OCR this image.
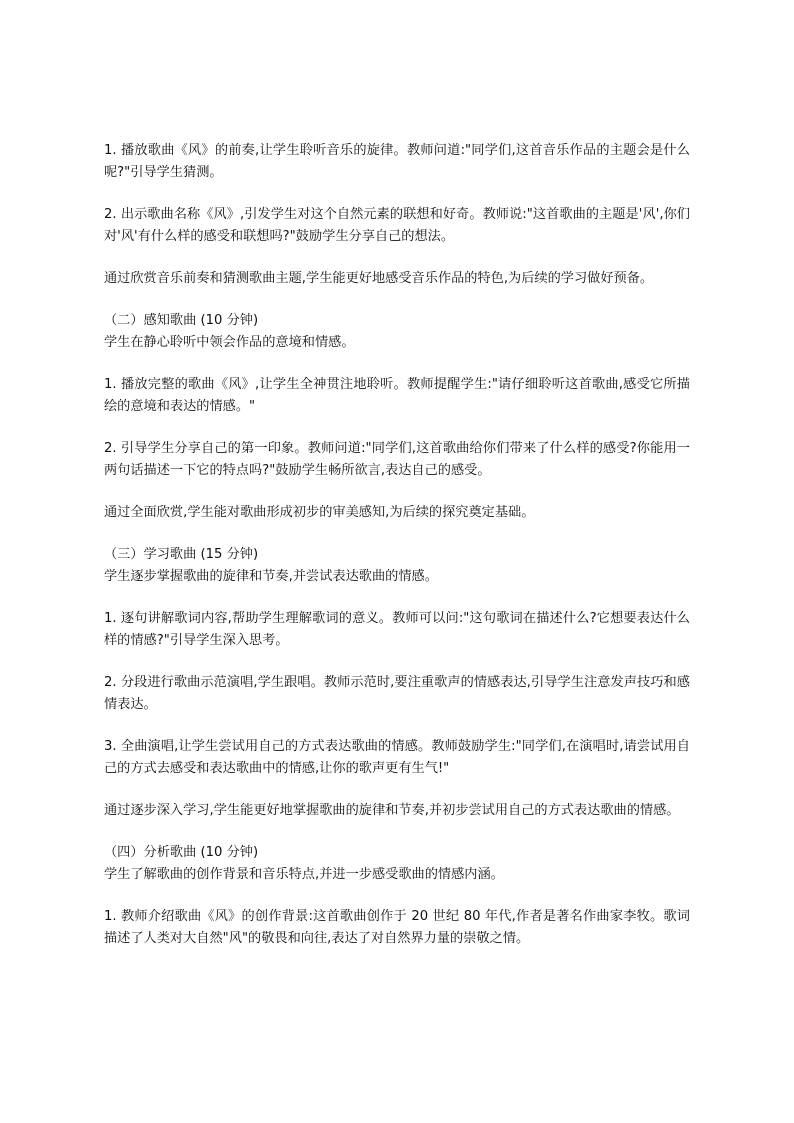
1. 播放歌曲《风》的前奏,让学生聆听音乐的旋律。教师问道:"同学们,这首音乐作品的主题会是什么呢?"引导学生猜测。

2. 出示歌曲名称《风》,引发学生对这个自然元素的联想和好奇。教师说:"这首歌曲的主题是'风',你们对'风'有什么样的感受和联想吗?"鼓励学生分享自己的想法。

通过欣赏音乐前奏和猜测歌曲主题,学生能更好地感受音乐作品的特色,为后续的学习做好预备。

（二）感知歌曲 (10 分钟)

学生在静心聆听中领会作品的意境和情感。

1. 播放完整的歌曲《风》,让学生全神贯注地聆听。教师提醒学生:"请仔细聆听这首歌曲,感受它所描绘的意境和表达的情感。"

2. 引导学生分享自己的第一印象。教师问道:"同学们,这首歌曲给你们带来了什么样的感受?你能用一两句话描述一下它的特点吗?"鼓励学生畅所欲言,表达自己的感受。

通过全面欣赏,学生能对歌曲形成初步的审美感知,为后续的探究奠定基础。

（三）学习歌曲 (15 分钟)

学生逐步掌握歌曲的旋律和节奏,并尝试表达歌曲的情感。

1. 逐句讲解歌词内容,帮助学生理解歌词的意义。教师可以问:"这句歌词在描述什么?它想要表达什么样的情感?"引导学生深入思考。

2. 分段进行歌曲示范演唱,学生跟唱。教师示范时,要注重歌声的情感表达,引导学生注意发声技巧和感情表达。

3. 全曲演唱,让学生尝试用自己的方式表达歌曲的情感。教师鼓励学生:"同学们,在演唱时,请尝试用自己的方式去感受和表达歌曲中的情感,让你的歌声更有生气!"

通过逐步深入学习,学生能更好地掌握歌曲的旋律和节奏,并初步尝试用自己的方式表达歌曲的情感。

（四）分析歌曲 (10 分钟)

学生了解歌曲的创作背景和音乐特点,并进一步感受歌曲的情感内涵。

1. 教师介绍歌曲《风》的创作背景:这首歌曲创作于 20 世纪 80 年代,作者是著名作曲家李牧。歌词描述了人类对大自然"风"的敬畏和向往,表达了对自然界力量的崇敬之情。
